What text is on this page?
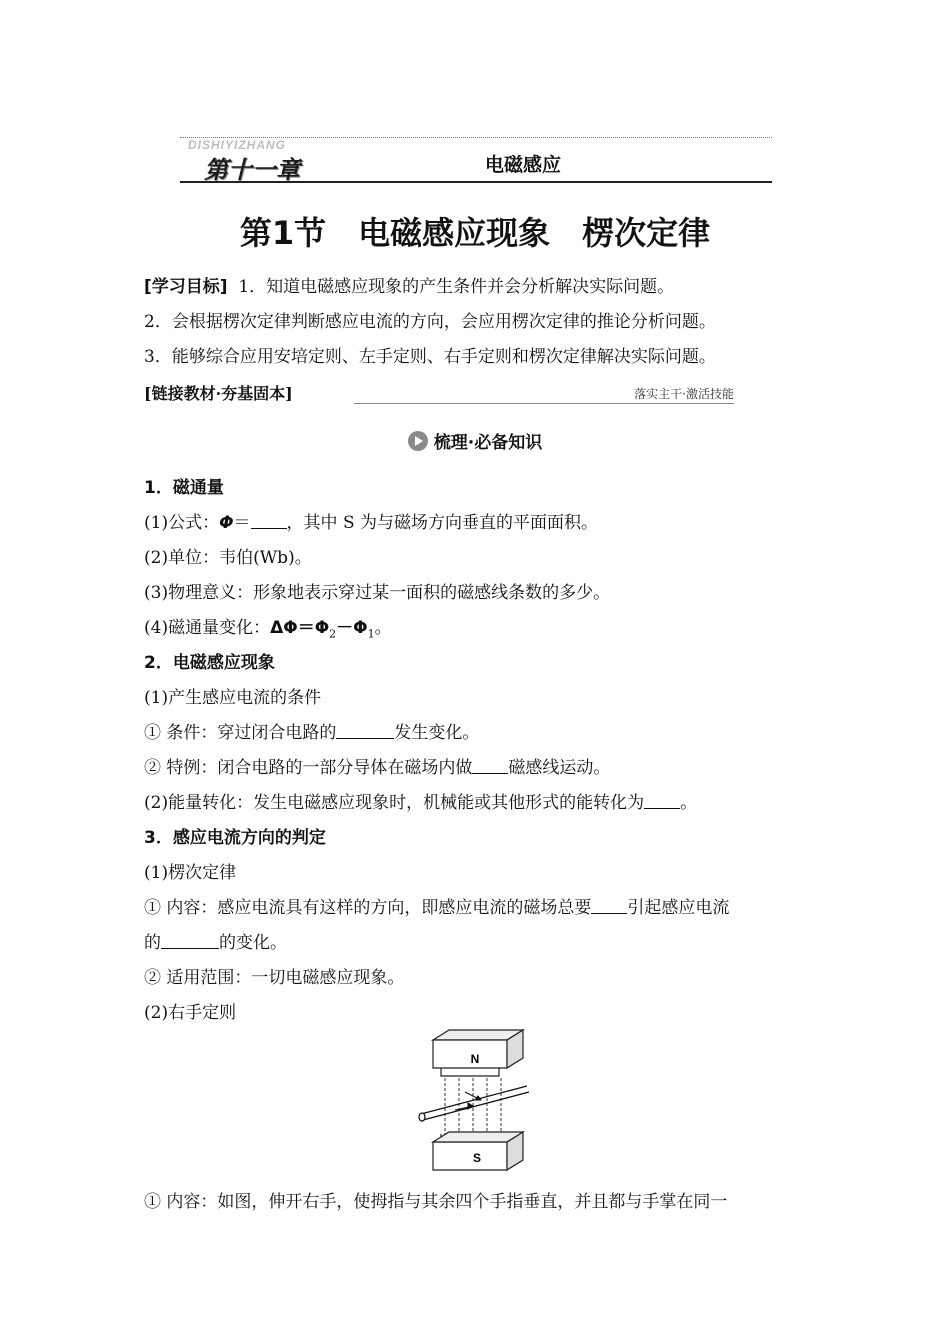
DISHIYIZHANG
第十一章	电磁感应
第1节　电磁感应现象　楞次定律
[学习目标] 1．知道电磁感应现象的产生条件并会分析解决实际问题。
2．会根据楞次定律判断感应电流的方向，会应用楞次定律的推论分析问题。
3．能够综合应用安培定则、左手定则、右手定则和楞次定律解决实际问题。
[链接教材·夯基固本]	落实主干·激活技能
梳理·必备知识
1．磁通量
(1)公式：Φ＝ ，其中 S 为与磁场方向垂直的平面面积。
(2)单位：韦伯(Wb)。
(3)物理意义：形象地表示穿过某一面积的磁感线条数的多少。
(4)磁通量变化：$\Delta\Phi=\Phi_2-\Phi_1$。
2．电磁感应现象
(1)产生感应电流的条件
① 条件：穿过闭合电路的	发生变化。
② 特例：闭合电路的一部分导体在磁场内做 磁感线运动。
(2)能量转化：发生电磁感应现象时，机械能或其他形式的能转化为 。
3．感应电流方向的判定
(1)楞次定律
① 内容：感应电流具有这样的方向，即感应电流的磁场总要 引起感应电流
的	的变化。
② 适用范围：一切电磁感应现象。
(2)右手定则
N
S
① 内容：如图，伸开右手，使拇指与其余四个手指垂直，并且都与手掌在同一
